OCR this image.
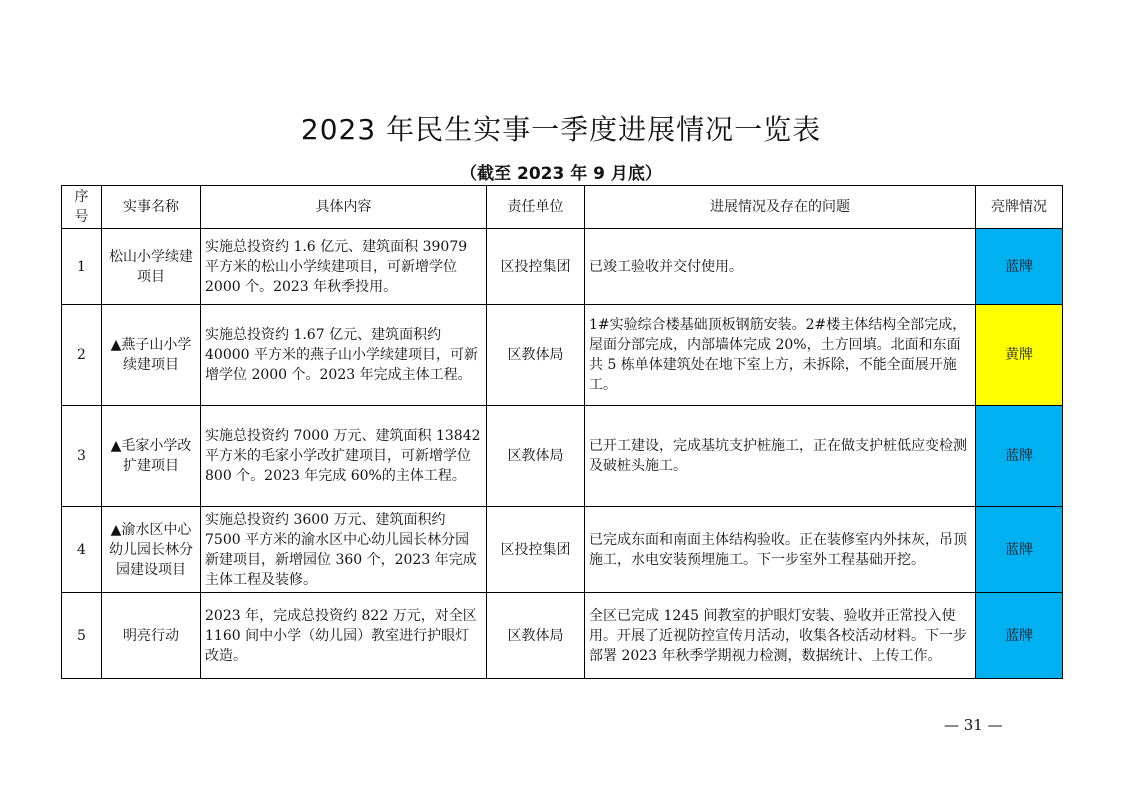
2023 年民生实事一季度进展情况一览表
（截至 2023 年 9 月底）
序号	实事名称	具体内容	责任单位	进展情况及存在的问题	亮牌情况
1	松山小学续建项目	实施总投资约 1.6 亿元、建筑面积 39079 平方米的松山小学续建项目，可新增学位 2000 个。2023 年秋季投用。	区投控集团	已竣工验收并交付使用。	蓝牌
2	▲燕子山小学续建项目	实施总投资约 1.67 亿元、建筑面积约 40000 平方米的燕子山小学续建项目，可新增学位 2000 个。2023 年完成主体工程。	区教体局	1#实验综合楼基础顶板钢筋安装。2#楼主体结构全部完成，屋面分部完成，内部墙体完成 20%，土方回填。北面和东面共 5 栋单体建筑处在地下室上方，未拆除，不能全面展开施工。	黄牌
3	▲毛家小学改扩建项目	实施总投资约 7000 万元、建筑面积 13842 平方米的毛家小学改扩建项目，可新增学位 800 个。2023 年完成 60%的主体工程。	区教体局	已开工建设，完成基坑支护桩施工，正在做支护桩低应变检测及破桩头施工。	蓝牌
4	▲渝水区中心幼儿园长林分园建设项目	实施总投资约 3600 万元、建筑面积约 7500 平方米的渝水区中心幼儿园长林分园新建项目，新增园位 360 个，2023 年完成主体工程及装修。	区投控集团	已完成东面和南面主体结构验收。正在装修室内外抹灰，吊顶施工，水电安装预埋施工。下一步室外工程基础开挖。	蓝牌
5	明亮行动	2023 年，完成总投资约 822 万元，对全区 1160 间中小学（幼儿园）教室进行护眼灯改造。	区教体局	全区已完成 1245 间教室的护眼灯安装、验收并正常投入使用。开展了近视防控宣传月活动，收集各校活动材料。下一步部署 2023 年秋季学期视力检测，数据统计、上传工作。	蓝牌
— 31 —
